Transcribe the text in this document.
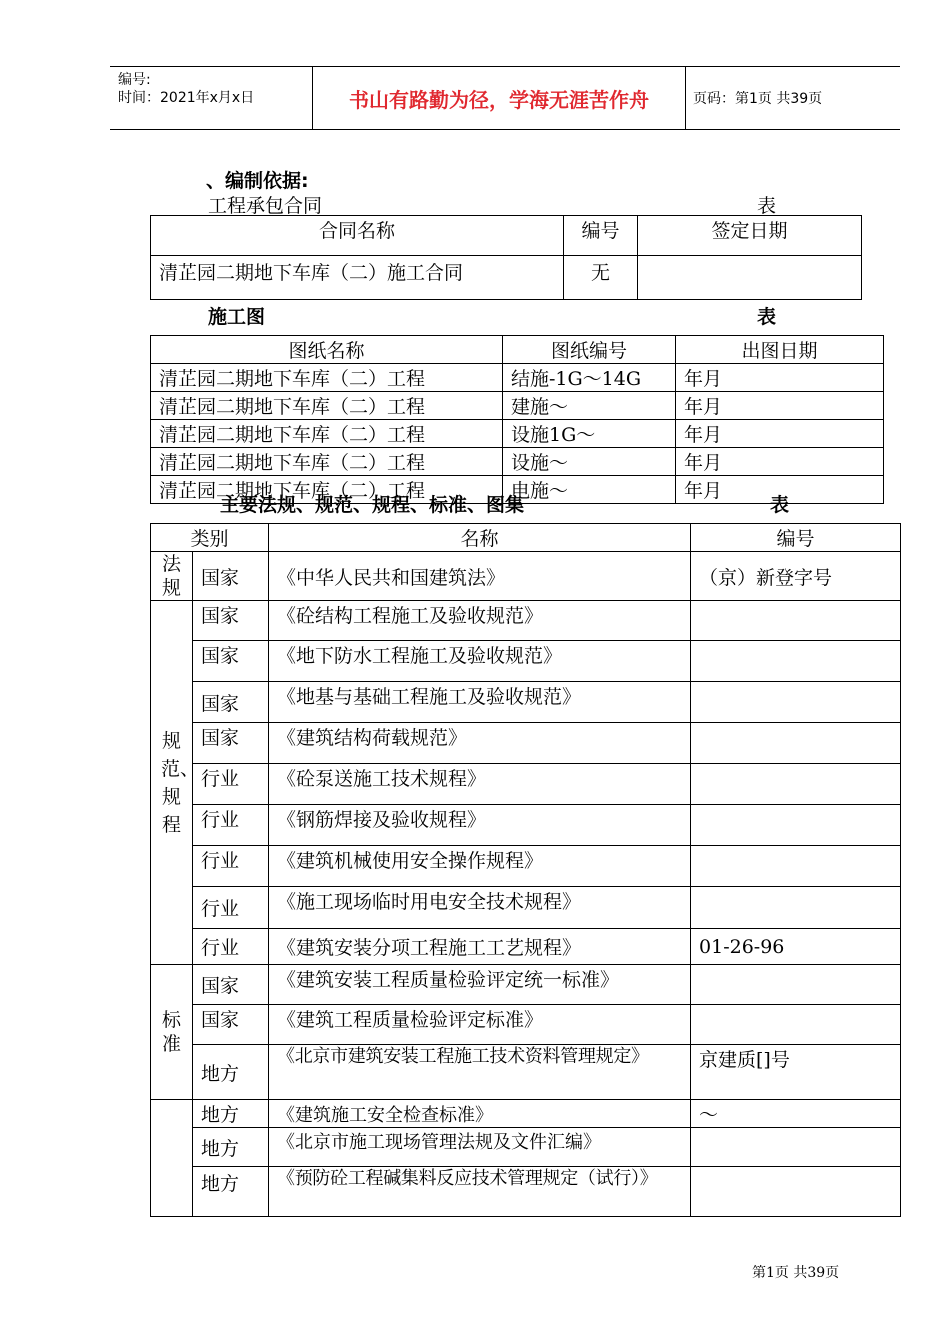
编号:
时间：2021年x月x日	书山有路勤为径，学海无涯苦作舟	页码：第1页 共39页
、编制依据:
工程承包合同	表
合同名称	编号	签定日期
清芷园二期地下车库（二）施工合同	无	
施工图	表
图纸名称	图纸编号	出图日期
清芷园二期地下车库（二）工程	结施-1G～14G	年月
清芷园二期地下车库（二）工程	建施～	年月
清芷园二期地下车库（二）工程	设施1G～	年月
清芷园二期地下车库（二）工程	设施～	年月
清芷园二期地下车库（二）工程	电施～	年月
主要法规、规范、规程、标准、图集	表
类别		名称	编号
法规	国家	《中华人民共和国建筑法》	（京）新登字号
规范、规程	国家	《砼结构工程施工及验收规范》	
	国家	《地下防水工程施工及验收规范》	
	国家	《地基与基础工程施工及验收规范》	
	国家	《建筑结构荷载规范》	
	行业	《砼泵送施工技术规程》	
	行业	《钢筋焊接及验收规程》	
	行业	《建筑机械使用安全操作规程》	
	行业	《施工现场临时用电安全技术规程》	
	行业	《建筑安装分项工程施工工艺规程》	01-26-96
标准	国家	《建筑安装工程质量检验评定统一标准》	
	国家	《建筑工程质量检验评定标准》	
	地方	《北京市建筑安装工程施工技术资料管理规定》	京建质[]号
	地方	《建筑施工安全检查标准》	～
	地方	《北京市施工现场管理法规及文件汇编》	
	地方	《预防砼工程碱集料反应技术管理规定（试行）》	
第1页 共39页
